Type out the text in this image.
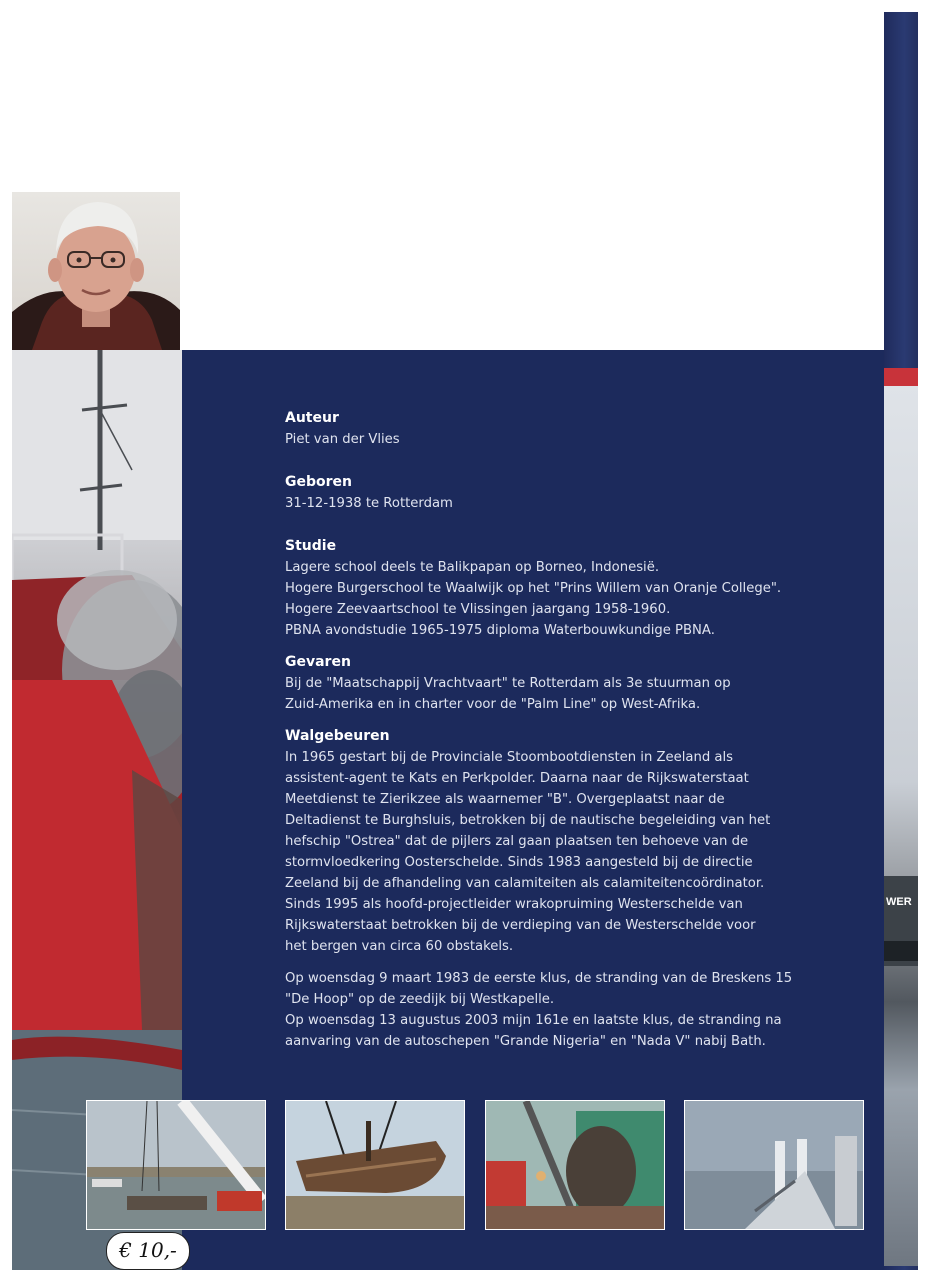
WER
Auteur

Piet van der Vlies

Geboren

31-12-1938 te Rotterdam

Studie

Lagere school deels te Balikpapan op Borneo, Indonesië.

Hogere Burgerschool te Waalwijk op het "Prins Willem van Oranje College".

Hogere Zeevaartschool te Vlissingen jaargang 1958-1960.

PBNA avondstudie 1965-1975 diploma Waterbouwkundige PBNA.

Gevaren

Bij de "Maatschappij Vrachtvaart" te Rotterdam als 3e stuurman op

Zuid-Amerika en in charter voor de "Palm Line" op West-Afrika.

Walgebeuren

In 1965 gestart bij de Provinciale Stoombootdiensten in Zeeland als

assistent-agent te Kats en Perkpolder. Daarna naar de Rijkswaterstaat

Meetdienst te Zierikzee als waarnemer "B". Overgeplaatst naar de

Deltadienst te Burghsluis, betrokken bij de nautische begeleiding van het

hefschip "Ostrea" dat de pijlers zal gaan plaatsen ten behoeve van de

stormvloedkering Oosterschelde. Sinds 1983 aangesteld bij de directie

Zeeland bij de afhandeling van calamiteiten als calamiteitencoördinator.

Sinds 1995 als hoofd-projectleider wrakopruiming Westerschelde van

Rijkswaterstaat betrokken bij de verdieping van de Westerschelde voor

het bergen van circa 60 obstakels.

Op woensdag 9 maart 1983 de eerste klus, de stranding van de Breskens 15

"De Hoop" op de zeedijk bij Westkapelle.

Op woensdag 13 augustus 2003 mijn 161e en laatste klus, de stranding na

aanvaring van de autoschepen "Grande Nigeria" en "Nada V" nabij Bath.

€ 10,-
